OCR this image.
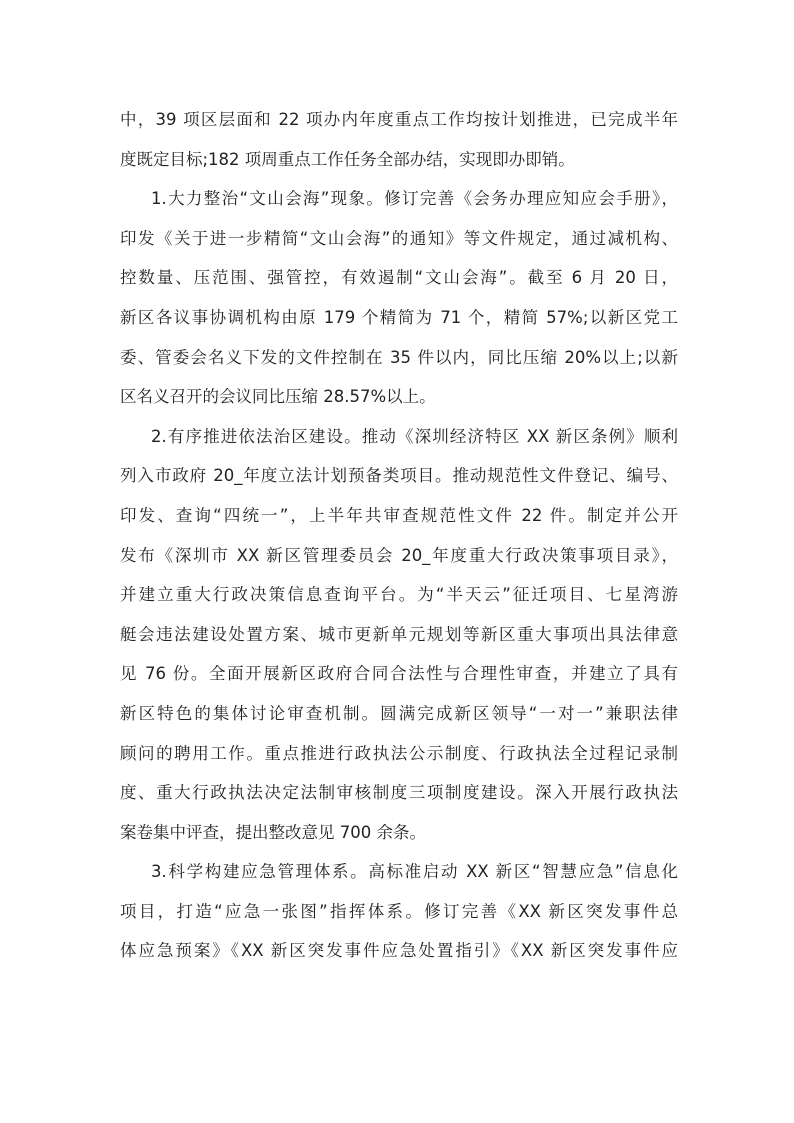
中，39 项区层面和 22 项办内年度重点工作均按计划推进，已完成半年
度既定目标;182 项周重点工作任务全部办结，实现即办即销。
1.大力整治“文山会海”现象。修订完善《会务办理应知应会手册》，
印发《关于进一步精简“文山会海”的通知》等文件规定，通过减机构、
控数量、压范围、强管控，有效遏制“文山会海”。截至 6 月 20 日，
新区各议事协调机构由原 179 个精简为 71 个，精简 57%;以新区党工
委、管委会名义下发的文件控制在 35 件以内，同比压缩 20%以上;以新
区名义召开的会议同比压缩 28.57%以上。
2.有序推进依法治区建设。推动《深圳经济特区 XX 新区条例》顺利
列入市政府 20_年度立法计划预备类项目。推动规范性文件登记、编号、
印发、查询“四统一”，上半年共审查规范性文件 22 件。制定并公开
发布《深圳市 XX 新区管理委员会 20_年度重大行政决策事项目录》，
并建立重大行政决策信息查询平台。为“半天云”征迁项目、七星湾游
艇会违法建设处置方案、城市更新单元规划等新区重大事项出具法律意
见 76 份。全面开展新区政府合同合法性与合理性审查，并建立了具有
新区特色的集体讨论审查机制。圆满完成新区领导“一对一”兼职法律
顾问的聘用工作。重点推进行政执法公示制度、行政执法全过程记录制
度、重大行政执法决定法制审核制度三项制度建设。深入开展行政执法
案卷集中评查，提出整改意见 700 余条。
3.科学构建应急管理体系。高标准启动 XX 新区“智慧应急”信息化
项目，打造“应急一张图”指挥体系。修订完善《XX 新区突发事件总
体应急预案》《XX 新区突发事件应急处置指引》《XX 新区突发事件应
